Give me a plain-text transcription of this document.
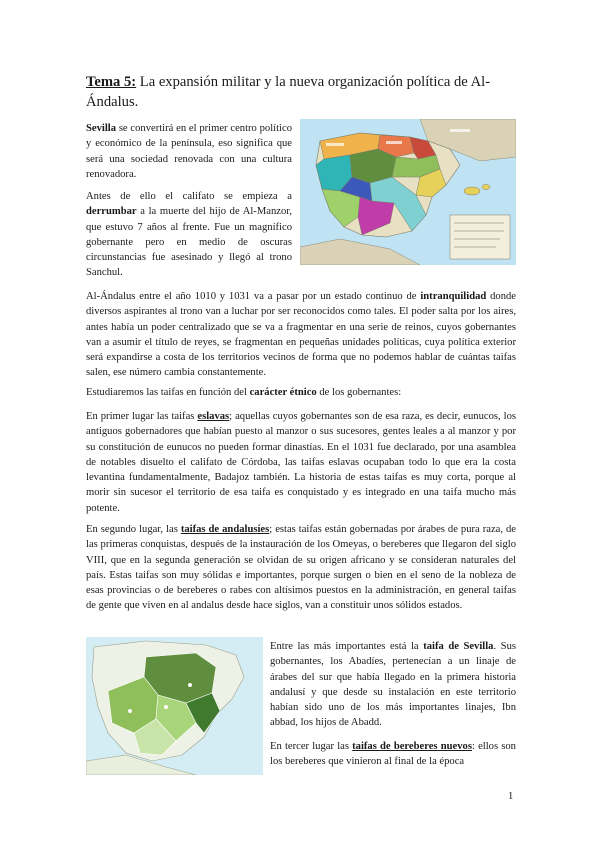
Tema 5: La expansión militar y la nueva organización política de Al-Ándalus.

Sevilla se convertirá en el primer centro político y económico de la península, eso significa que será una sociedad renovada con una cultura renovadora.

Antes de ello el califato se empieza a derrumbar a la muerte del hijo de Al-Manzor, que estuvo 7 años al frente. Fue un magnífico gobernante pero en medio de oscuras circunstancias fue asesinado y llegó al trono Sanchul.

Al-Ándalus entre el año 1010 y 1031 va a pasar por un estado continuo de intranquilidad donde diversos aspirantes al trono van a luchar por ser reconocidos como tales. El poder salta por los aires, antes había un poder centralizado que se va a fragmentar en una serie de reinos, cuyos gobernantes van a asumir el título de reyes, se fragmentan en pequeñas unidades políticas, cuya política exterior será expandirse a costa de los territorios vecinos de forma que no podemos hablar de cuántas taifas salen, ese número cambia constantemente.

Estudiaremos las taifas en función del carácter étnico de los gobernantes:

En primer lugar las taifas eslavas; aquellas cuyos gobernantes son de esa raza, es decir, eunucos, los antiguos gobernadores que habían puesto al manzor o sus sucesores, gentes leales a al manzor y por su constitución de eunucos no pueden formar dinastías. En el 1031 fue declarado, por una asamblea de notables disuelto el califato de Córdoba, las taifas eslavas ocupaban todo lo que era la costa levantina fundamentalmente, Badajoz también. La historia de estas taifas es muy corta, porque al morir sin sucesor el territorio de esa taifa es conquistado y es integrado en una taifa mucho más potente.

En segundo lugar, las taifas de andalusíes; estas taifas están gobernadas por árabes de pura raza, de las primeras conquistas, después de la instauración de los Omeyas, o bereberes que llegaron del siglo VIII, que en la segunda generación se olvidan de su origen africano y se consideran naturales del país. Estas taifas son muy sólidas e importantes, porque surgen o bien en el seno de la nobleza de esas provincias o de bereberes o ‌rabes con altísimos puestos en la administración, en general taifas de gente que viven en al andalus desde hace siglos, van a constituir unos sólidos estados.

Entre las más importantes está la taifa de Sevilla. Sus gobernantes, los Abadíes, pertenecían a un linaje de árabes del sur que había llegado en la primera historia andalusí y que desde su instalación en este territorio habían sido uno de los más importantes linajes, Ibn abbad, los hijos de Abadd.

En tercer lugar las taifas de bereberes nuevos: ellos son los bereberes que vinieron al final de la época

1
